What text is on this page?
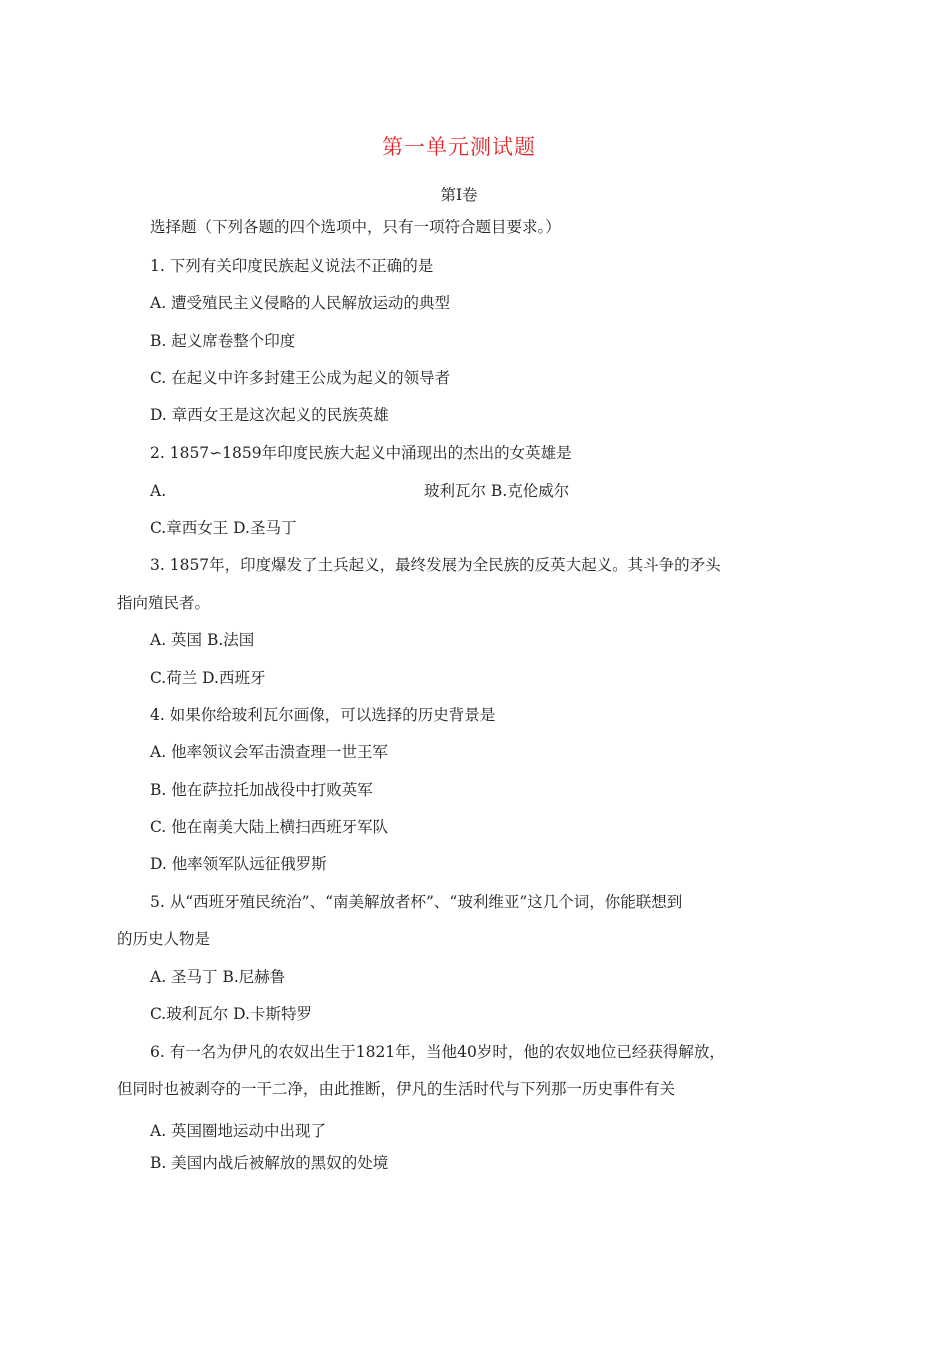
第一单元测试题
第Ⅰ卷
选择题（下列各题的四个选项中，只有一项符合题目要求。）
1. 下列有关印度民族起义说法不正确的是
A. 遭受殖民主义侵略的人民解放运动的典型
B. 起义席卷整个印度
C. 在起义中许多封建王公成为起义的领导者
D. 章西女王是这次起义的民族英雄
2. 1857∽1859年印度民族大起义中涌现出的杰出的女英雄是
A.	玻利瓦尔 B.克伦威尔
C.章西女王 D.圣马丁
3. 1857年，印度爆发了土兵起义，最终发展为全民族的反英大起义。其斗争的矛头
指向殖民者。
A. 英国 B.法国
C.荷兰 D.西班牙
4. 如果你给玻利瓦尔画像，可以选择的历史背景是
A. 他率领议会军击溃查理一世王军
B. 他在萨拉托加战役中打败英军
C. 他在南美大陆上横扫西班牙军队
D. 他率领军队远征俄罗斯
5. 从“西班牙殖民统治”、“南美解放者杯”、“玻利维亚”这几个词，你能联想到
的历史人物是
A. 圣马丁 B.尼赫鲁
C.玻利瓦尔 D.卡斯特罗
6. 有一名为伊凡的农奴出生于1821年，当他40岁时，他的农奴地位已经获得解放，
但同时也被剥夺的一干二净，由此推断，伊凡的生活时代与下列那一历史事件有关
A. 英国圈地运动中出现了
B. 美国内战后被解放的黑奴的处境
